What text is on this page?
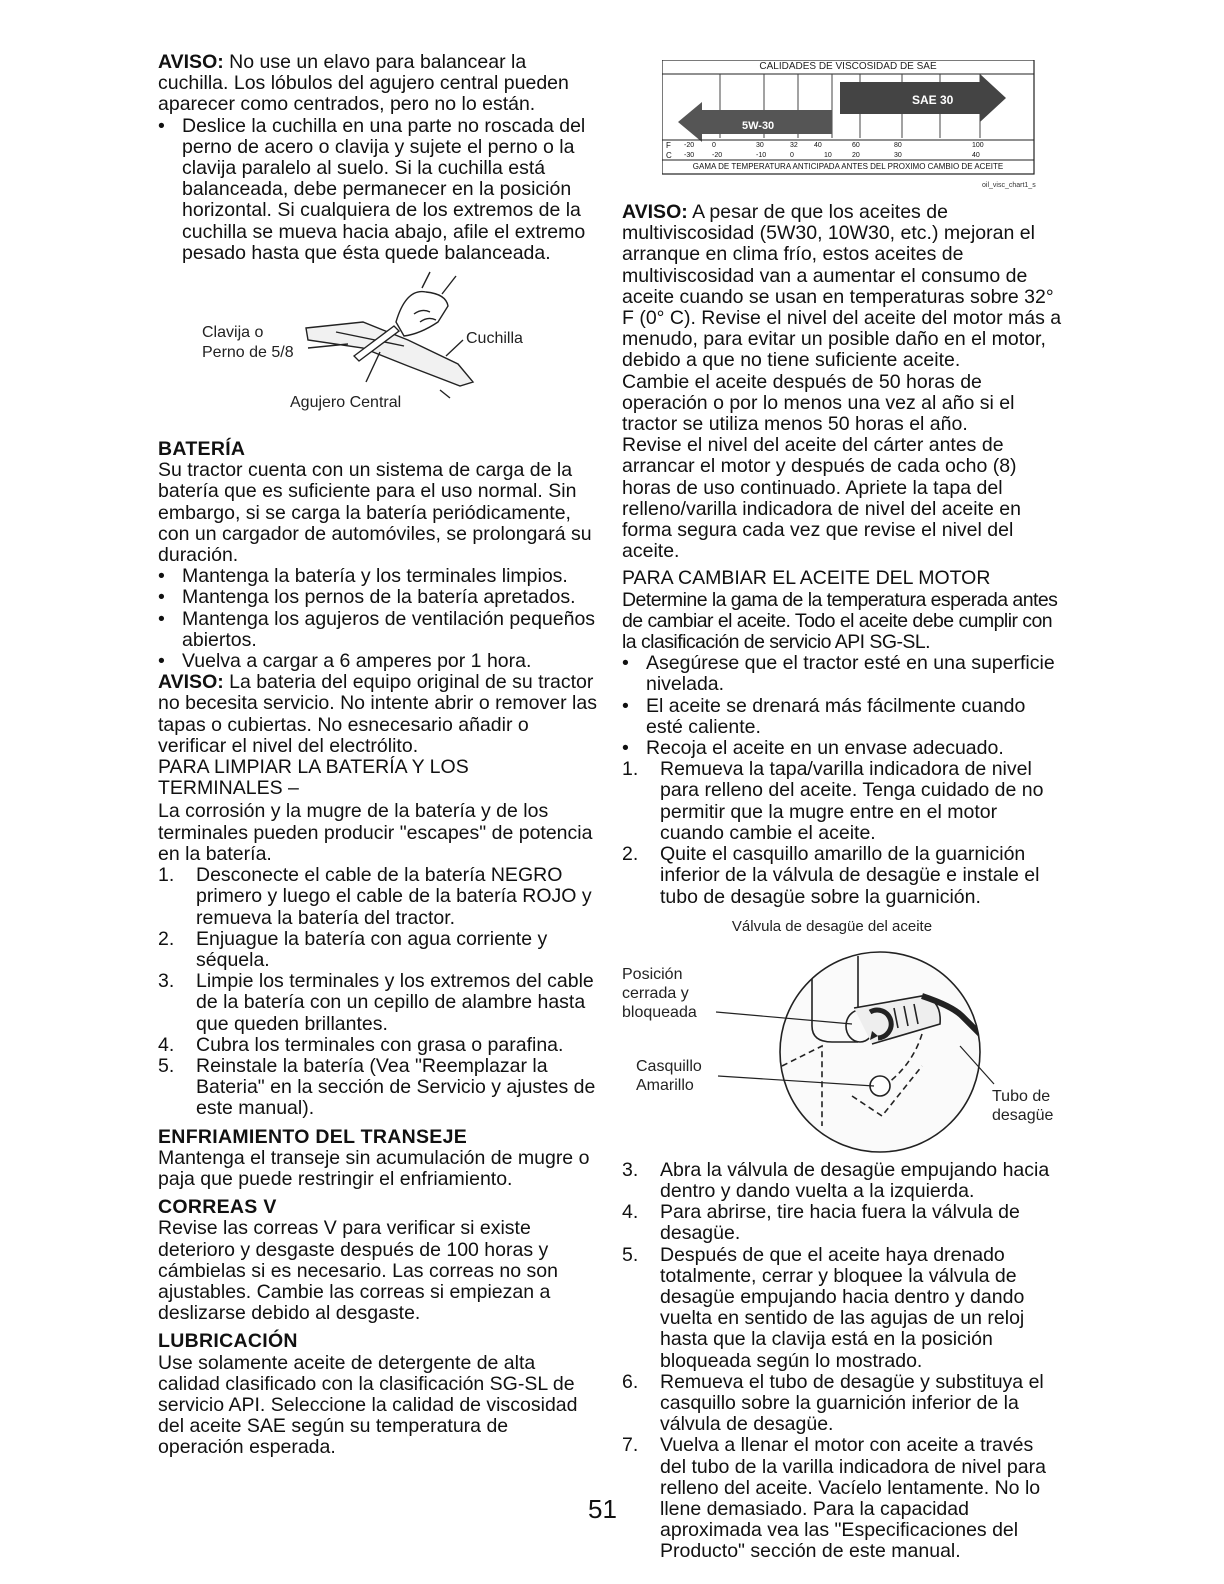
AVISO: No use un elavo para balancear la cuchilla. Los lóbulos del agujero central pueden aparecer como centrados, pero no lo están.

• Deslice la cuchilla en una parte no roscada del perno de acero o clavija y sujete el perno o la clavija paralelo al suelo. Si la cuchilla está balanceada, debe permanecer en la posición horizontal. Si cualquiera de los extremos de la cuchilla se mueva hacia abajo, afile el extremo pesado hasta que ésta quede balanceada.
Clavija o
Perno de 5/8
Cuchilla
Agujero Central

BATERÍA

Su tractor cuenta con un sistema de carga de la batería que es suficiente para el uso normal. Sin embargo, si se carga la batería periódicamente, con un cargador de automóviles, se prolongará su duración.

• Mantenga la batería y los terminales limpios.
• Mantenga los pernos de la batería apretados.
• Mantenga los agujeros de ventilación pequeños abiertos.
• Vuelva a cargar a 6 amperes por 1 hora.

AVISO: La bateria del equipo original de su tractor no becesita servicio. No intente abrir o remover las tapas o cubiertas. No esnecesario añadir o verificar el nivel del electrólito.

PARA LIMPIAR LA BATERÍA Y LOS TERMINALES –

La corrosión y la mugre de la batería y de los terminales pueden producir "escapes" de potencia en la batería.

1.	Desconecte el cable de la batería NEGRO primero y luego el cable de la batería ROJO y remueva la batería del tractor.
2.	Enjuague la batería con agua corriente y séquela.
3.	Limpie los terminales y los extremos del cable de la batería con un cepillo de alambre hasta que queden brillantes.
4.	Cubra los terminales con grasa o parafina.
5.	Reinstale la batería (Vea "Reemplazar la Bateria" en la sección de Servicio y ajustes de este manual).

ENFRIAMIENTO DEL TRANSEJE

Mantenga el transeje sin acumulación de mugre o paja que puede restringir el enfriamiento.

CORREAS V

Revise las correas V para verificar si existe deterioro y desgaste después de 100 horas y cámbielas si es necesario. Las correas no son ajustables. Cambie las correas si empiezan a deslizarse debido al desgaste.

LUBRICACIÓN

Use solamente aceite de detergente de alta calidad clasificado con la clasificación SG-SL de servicio API. Seleccione la calidad de viscosidad del aceite SAE según su temperatura de operación esperada.

CALIDADES DE VISCOSIDAD DE SAE
SAE 30
5W-30
F
C
-20	0	30	32 40	60	80	100
-30	-20	-10	0	10	20	30	40
GAMA DE TEMPERATURA ANTICIPADA ANTES DEL PROXIMO CAMBIO DE ACEITE
oil_visc_chart1_s

AVISO: A pesar de que los aceites de multiviscosidad (5W30, 10W30, etc.) mejoran el arranque en clima frío, estos aceites de multiviscosidad van a aumentar el consumo de aceite cuando se usan en temperaturas sobre 32° F (0° C). Revise el nivel del aceite del motor más a menudo, para evitar un posible daño en el motor, debido a que no tiene suficiente aceite.

Cambie el aceite después de 50 horas de operación o por lo menos una vez al año si el tractor se utiliza menos 50 horas el año.

Revise el nivel del aceite del cárter antes de arrancar el motor y después de cada ocho (8) horas de uso continuado. Apriete la tapa del relleno/varilla indicadora de nivel del aceite en forma segura cada vez que revise el nivel del aceite.

PARA CAMBIAR EL ACEITE DEL MOTOR

Determine la gama de la temperatura esperada antes de cambiar el aceite. Todo el aceite debe cumplir con la clasificación de servicio API SG-SL.

• Asegúrese que el tractor esté en una superficie nivelada.
• El aceite se drenará más fácilmente cuando esté caliente.
• Recoja el aceite en un envase adecuado.
1.	Remueva la tapa/varilla indicadora de nivel para relleno del aceite. Tenga cuidado de no permitir que la mugre entre en el motor cuando cambie el aceite.
2.	Quite el casquillo amarillo de la guarnición inferior de la válvula de desagüe e instale el tubo de desagüe sobre la guarnición.
Válvula de desagüe del aceite
Posición
cerrada y
bloqueada
Casquillo
Amarillo
Tubo de
desagüe
3.	Abra la válvula de desagüe empujando hacia dentro y dando vuelta a la izquierda.
4.	Para abrirse, tire hacia fuera la válvula de desagüe.
5.	Después de que el aceite haya drenado totalmente, cerrar y bloquee la válvula de desagüe empujando hacia dentro y dando vuelta en sentido de las agujas de un reloj hasta que la clavija está en la posición bloqueada según lo mostrado.
6.	Remueva el tubo de desagüe y substituya el casquillo sobre la guarnición inferior de la válvula de desagüe.
7.	Vuelva a llenar el motor con aceite a través del tubo de la varilla indicadora de nivel para relleno del aceite. Vacíelo lentamente. No lo llene demasiado. Para la capacidad aproximada vea las "Especificaciones del Producto" sección de este manual.
51
